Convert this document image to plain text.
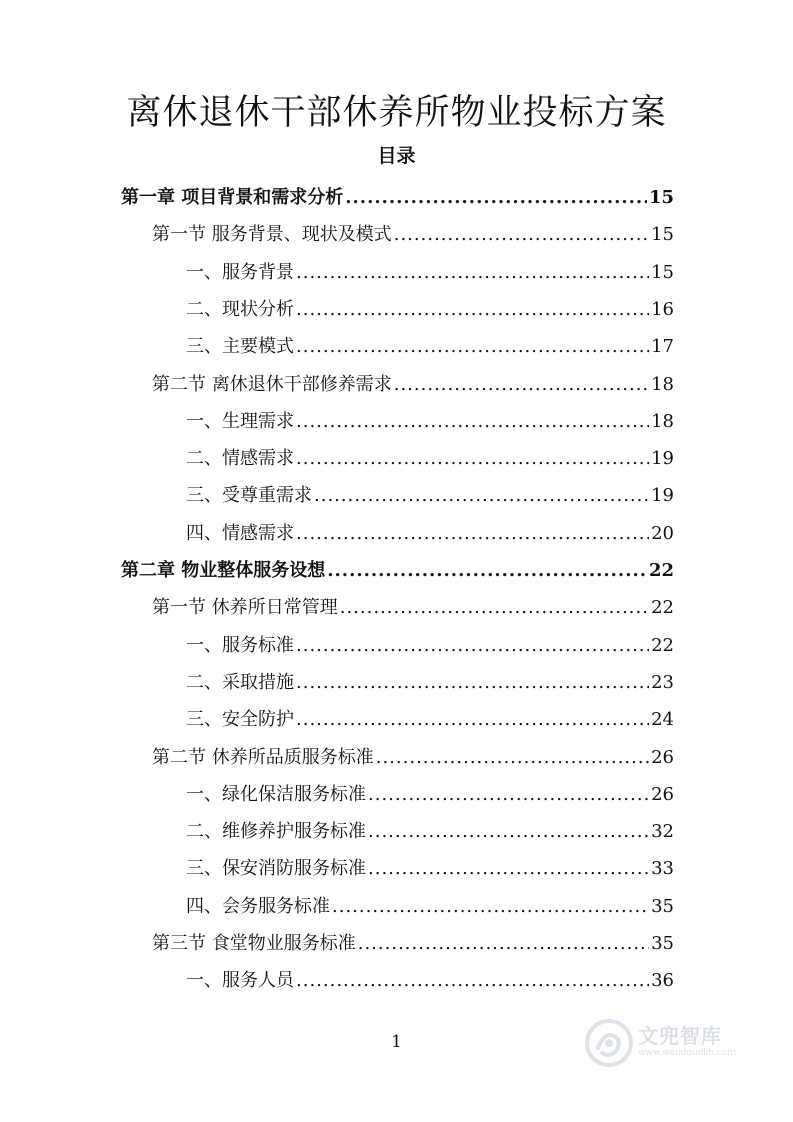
离休退休干部休养所物业投标方案
目录
第一章 项目背景和需求分析 .....	15
第一节 服务背景、现状及模式 .....	15
一、服务背景 .....	15
二、现状分析 .....	16
三、主要模式 .....	17
第二节 离休退休干部修养需求 .....	18
一、生理需求 .....	18
二、情感需求 .....	19
三、受尊重需求 .....	19
四、情感需求 .....	20
第二章 物业整体服务设想 .....	22
第一节 休养所日常管理 .....	22
一、服务标准 .....	22
二、采取措施 .....	23
三、安全防护 .....	24
第二节 休养所品质服务标准 .....	26
一、绿化保洁服务标准 .....	26
二、维修养护服务标准 .....	32
三、保安消防服务标准 .....	33
四、会务服务标准 .....	35
第三节 食堂物业服务标准 .....	35
一、服务人员 .....	36
1	文兜智库
www.wendoudlib.com
